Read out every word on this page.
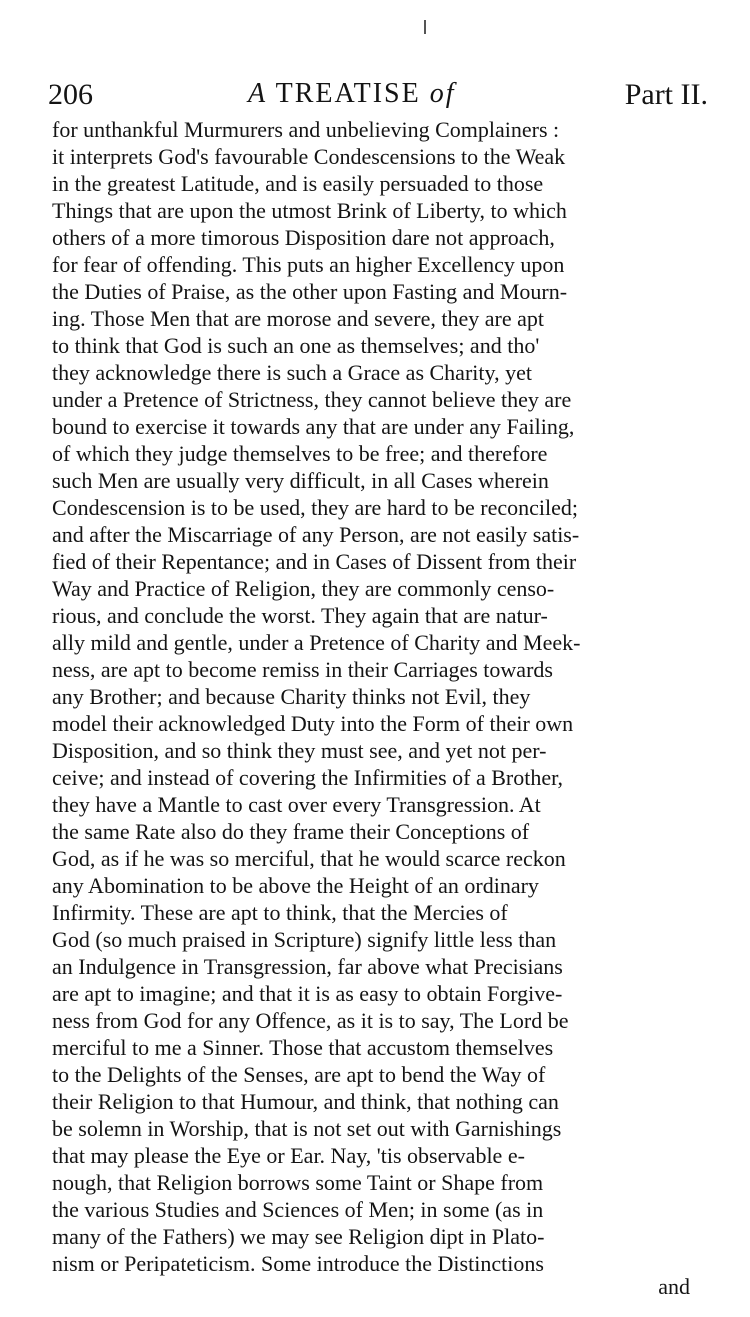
206	A TREATISE of	Part II.
for unthankful Murmurers and unbelieving Complainers :
it interprets God's favourable Condescensions to the Weak
in the greatest Latitude, and is easily persuaded to those
Things that are upon the utmost Brink of Liberty, to which
others of a more timorous Disposition dare not approach,
for fear of offending. This puts an higher Excellency upon
the Duties of Praise, as the other upon Fasting and Mourn-
ing. Those Men that are morose and severe, they are apt
to think that God is such an one as themselves; and tho'
they acknowledge there is such a Grace as Charity, yet
under a Pretence of Strictness, they cannot believe they are
bound to exercise it towards any that are under any Failing,
of which they judge themselves to be free; and therefore
such Men are usually very difficult, in all Cases wherein
Condescension is to be used, they are hard to be reconciled;
and after the Miscarriage of any Person, are not easily satis-
fied of their Repentance; and in Cases of Dissent from their
Way and Practice of Religion, they are commonly censo-
rious, and conclude the worst. They again that are natur-
ally mild and gentle, under a Pretence of Charity and Meek-
ness, are apt to become remiss in their Carriages towards
any Brother; and because Charity thinks not Evil, they
model their acknowledged Duty into the Form of their own
Disposition, and so think they must see, and yet not per-
ceive; and instead of covering the Infirmities of a Brother,
they have a Mantle to cast over every Transgression. At
the same Rate also do they frame their Conceptions of
God, as if he was so merciful, that he would scarce reckon
any Abomination to be above the Height of an ordinary
Infirmity. These are apt to think, that the Mercies of
God (so much praised in Scripture) signify little less than
an Indulgence in Transgression, far above what Precisians
are apt to imagine; and that it is as easy to obtain Forgive-
ness from God for any Offence, as it is to say, The Lord be
merciful to me a Sinner. Those that accustom themselves
to the Delights of the Senses, are apt to bend the Way of
their Religion to that Humour, and think, that nothing can
be solemn in Worship, that is not set out with Garnishings
that may please the Eye or Ear. Nay, 'tis observable e-
nough, that Religion borrows some Taint or Shape from
the various Studies and Sciences of Men; in some (as in
many of the Fathers) we may see Religion dipt in Plato-
nism or Peripateticism. Some introduce the Distinctions
and
